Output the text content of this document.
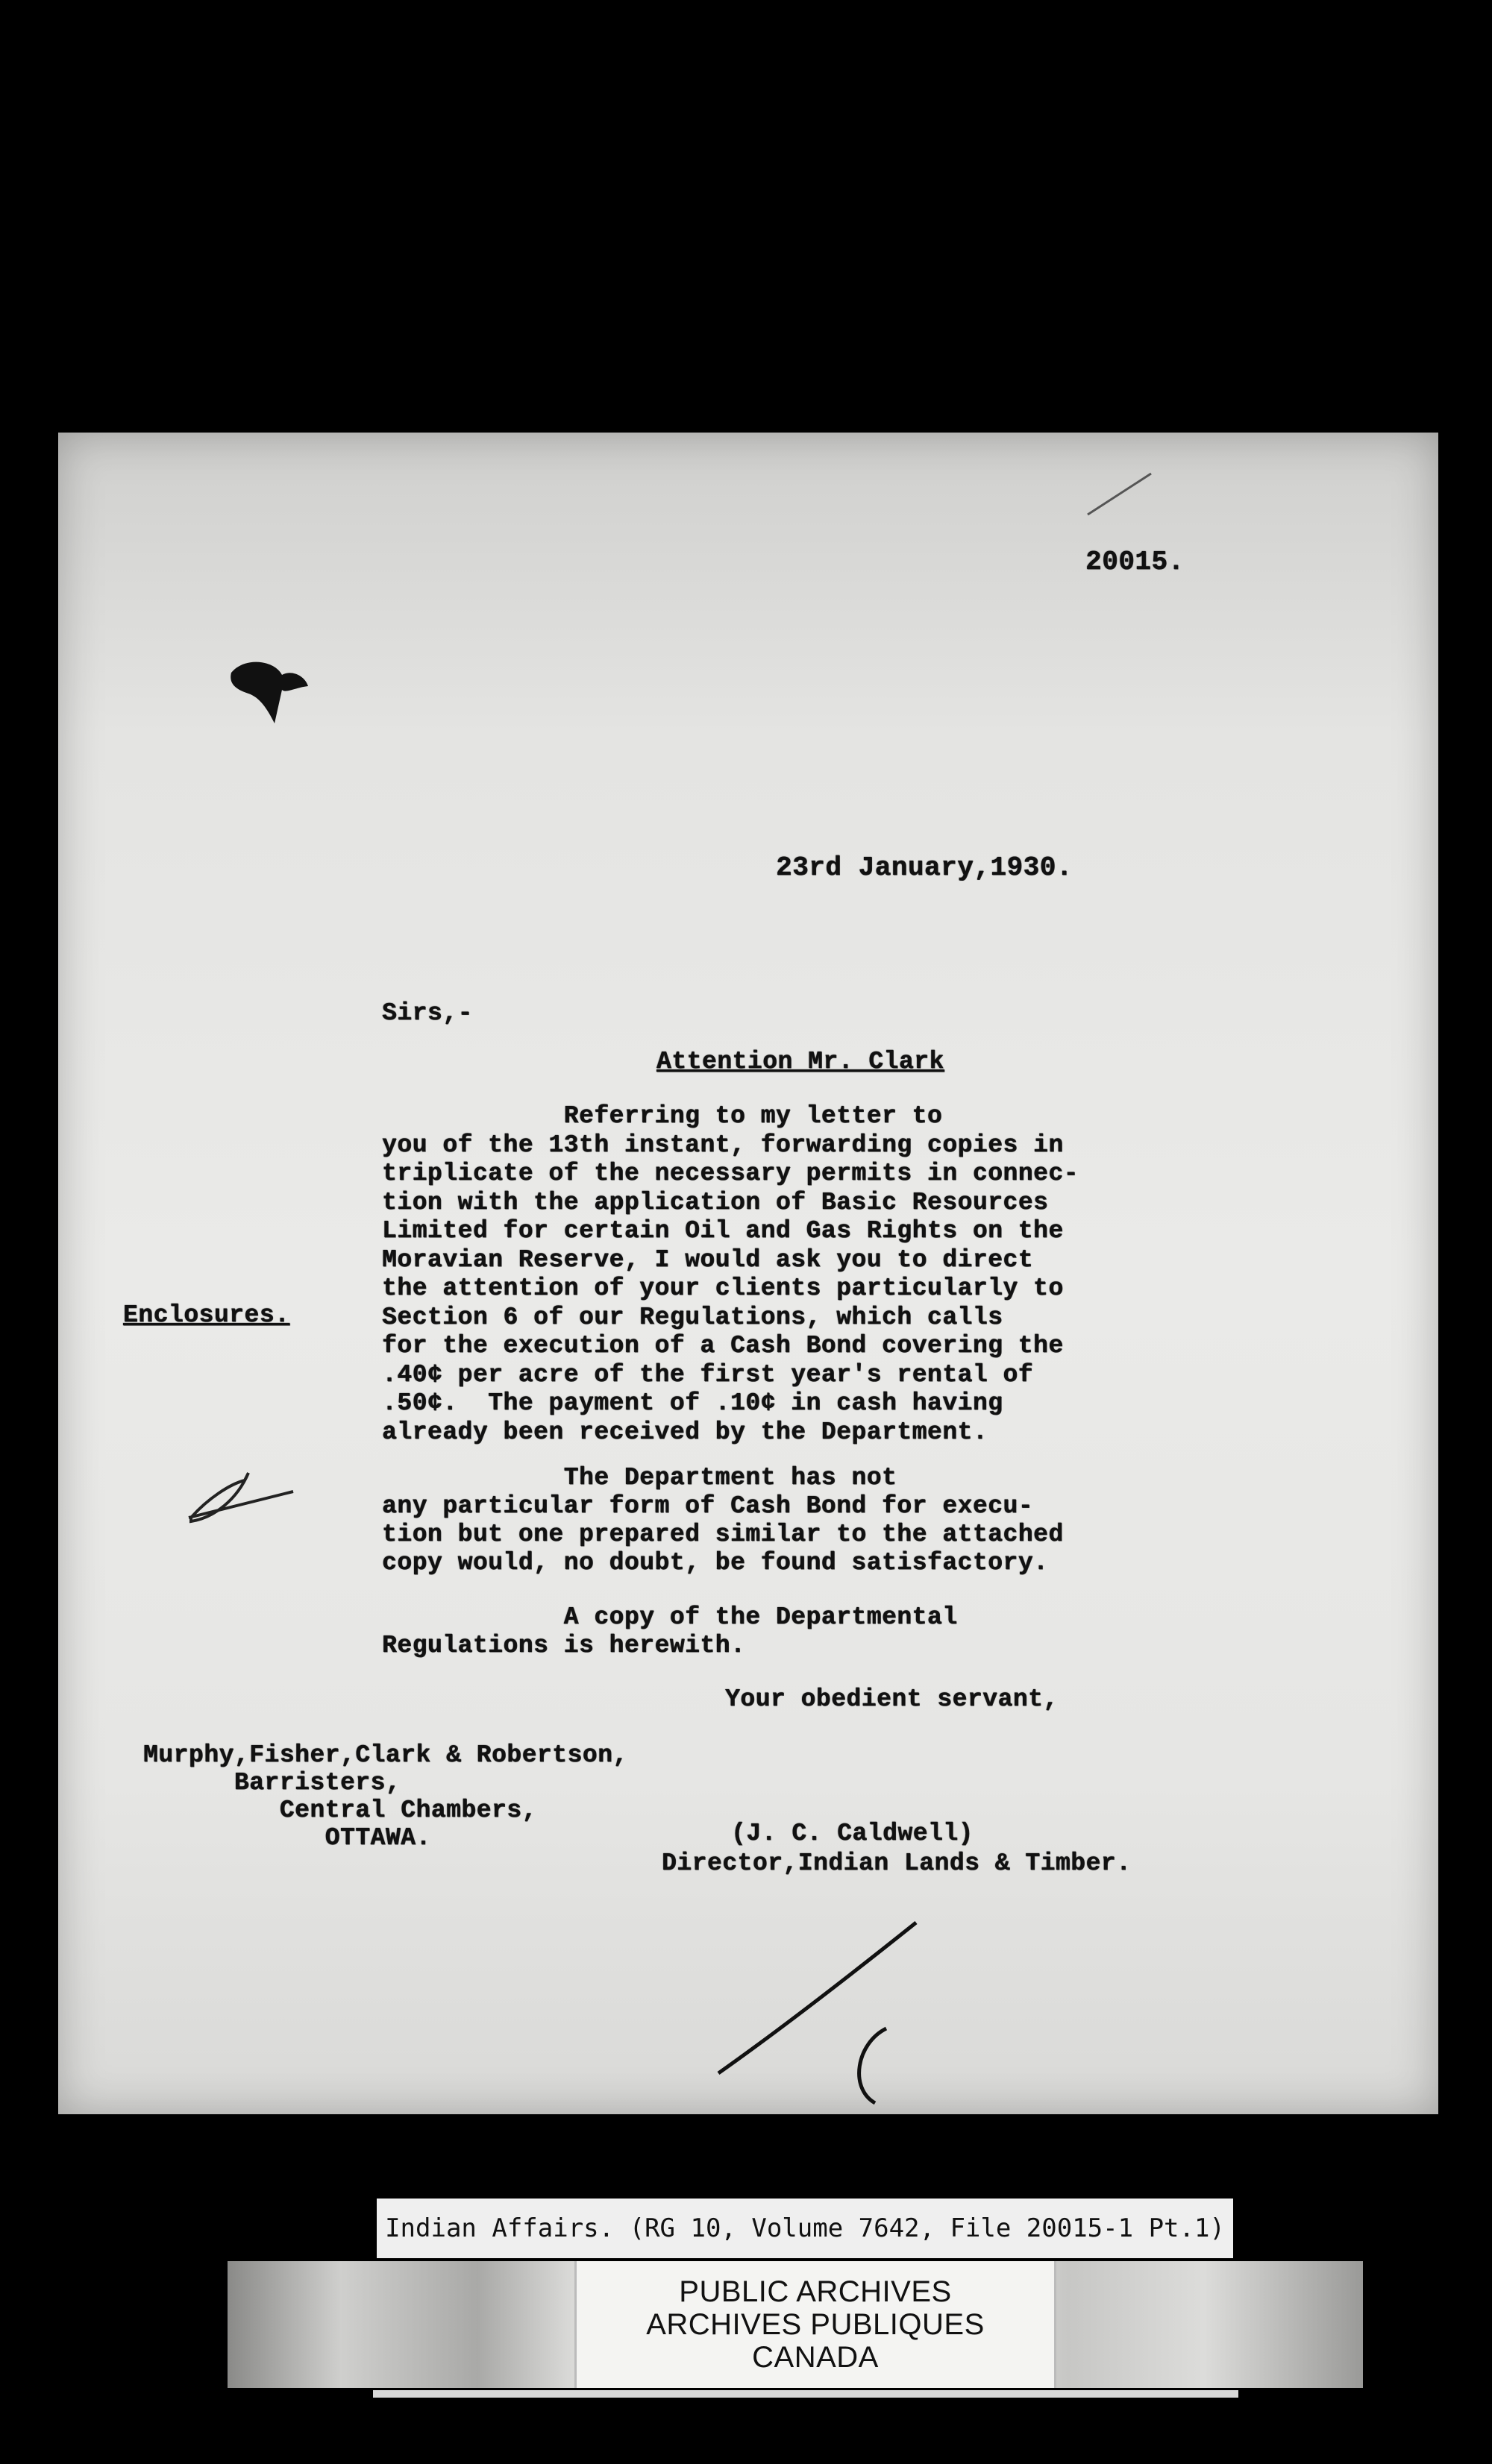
20015.
23rd January,1930.
Sirs,-
Attention Mr. Clark
Referring to my letter to
you of the 13th instant, forwarding copies in
triplicate of the necessary permits in connec-
tion with the application of Basic Resources
Limited for certain Oil and Gas Rights on the
Moravian Reserve, I would ask you to direct
the attention of your clients particularly to
Section 6 of our Regulations, which calls
for the execution of a Cash Bond covering the
.40¢ per acre of the first year's rental of
.50¢.  The payment of .10¢ in cash having
already been received by the Department.
Enclosures.
The Department has not
any particular form of Cash Bond for execu-
tion but one prepared similar to the attached
copy would, no doubt, be found satisfactory.
A copy of the Departmental
Regulations is herewith.
Your obedient servant,
Murphy,Fisher,Clark & Robertson,
Barristers,
Central Chambers,
OTTAWA.	(J. C. Caldwell)
Director,Indian Lands & Timber.
Indian Affairs. (RG 10, Volume 7642, File 20015-1 Pt.1)
PUBLIC ARCHIVES
ARCHIVES PUBLIQUES
CANADA
